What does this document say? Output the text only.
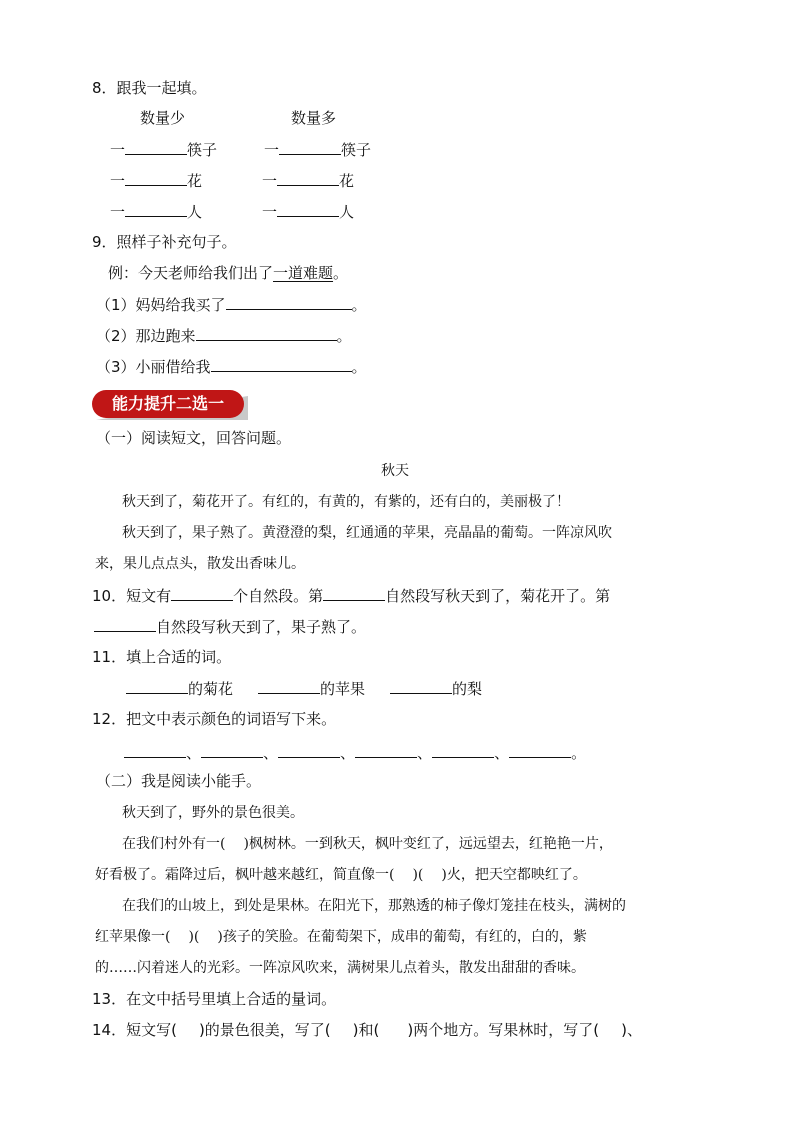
8．跟我一起填。
数量少	数量多
一	筷子	一	筷子
一	花	一	花
一	人	一	人
9．照样子补充句子。
例：今天老师给我们出了一道难题。
（1）妈妈给我买了	。
（2）那边跑来	。
（3）小丽借给我	。
能力提升二选一
（一）阅读短文，回答问题。
秋天
秋天到了，菊花开了。有红的，有黄的，有紫的，还有白的，美丽极了！
秋天到了，果子熟了。黄澄澄的梨，红通通的苹果，亮晶晶的葡萄。一阵凉风吹
来，果儿点点头，散发出香味儿。
10．短文有	个自然段。第	自然段写秋天到了，菊花开了。第
自然段写秋天到了，果子熟了。
11．填上合适的词。
的菊花	的苹果	的梨
12．把文中表示颜色的词语写下来。
、	、	、	、	、	。
（二）我是阅读小能手。
秋天到了，野外的景色很美。
在我们村外有一( )枫树林。一到秋天，枫叶变红了，远远望去，红艳艳一片，
好看极了。霜降过后，枫叶越来越红，简直像一( )( )火，把天空都映红了。
在我们的山坡上，到处是果林。在阳光下，那熟透的柿子像灯笼挂在枝头，满树的
红苹果像一( )( )孩子的笑脸。在葡萄架下，成串的葡萄，有红的，白的，紫
的……闪着迷人的光彩。一阵凉风吹来，满树果儿点着头，散发出甜甜的香味。
13．在文中括号里填上合适的量词。
14．短文写( )的景色很美，写了( )和( )两个地方。写果林时，写了( )、
